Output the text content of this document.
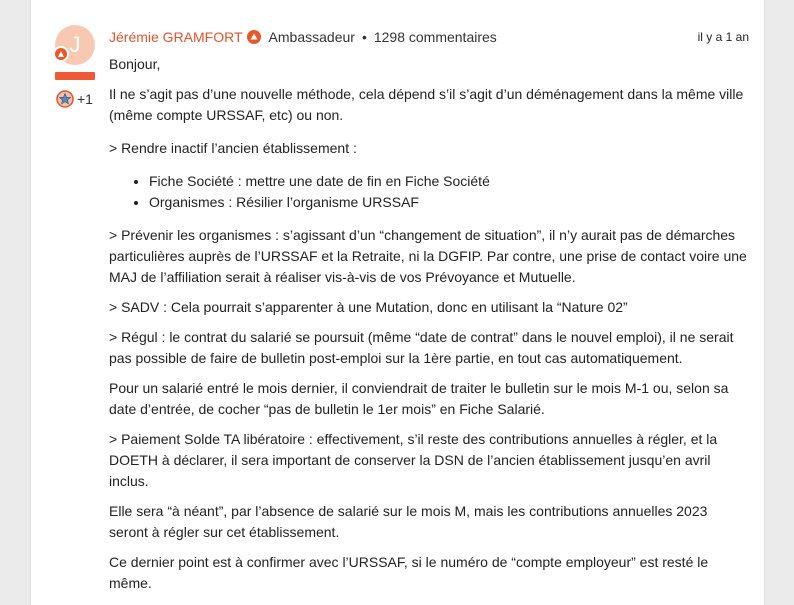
J
+1
Jérémie GRAMFORT Ambassadeur • 1298 commentaires	il y a 1 an

Bonjour,

Il ne s’agit pas d’une nouvelle méthode, cela dépend s’il s’agit d’un déménagement dans la même ville (même compte URSSAF, etc) ou non.

> Rendre inactif l’ancien établissement :

• Fiche Société : mettre une date de fin en Fiche Société
• Organismes : Résilier l’organisme URSSAF

> Prévenir les organismes : s’agissant d’un “changement de situation”, il n’y aurait pas de démarches particulières auprès de l’URSSAF et la Retraite, ni la DGFIP. Par contre, une prise de contact voire une MAJ de l’affiliation serait à réaliser vis-à-vis de vos Prévoyance et Mutuelle.

> SADV : Cela pourrait s’apparenter à une Mutation, donc en utilisant la “Nature 02”

> Régul : le contrat du salarié se poursuit (même “date de contrat” dans le nouvel emploi), il ne serait pas possible de faire de bulletin post-emploi sur la 1ère partie, en tout cas automatiquement.

Pour un salarié entré le mois dernier, il conviendrait de traiter le bulletin sur le mois M-1 ou, selon sa date d’entrée, de cocher “pas de bulletin le 1er mois” en Fiche Salarié.

> Paiement Solde TA libératoire : effectivement, s’il reste des contributions annuelles à régler, et la DOETH à déclarer, il sera important de conserver la DSN de l’ancien établissement jusqu’en avril inclus.

Elle sera “à néant”, par l’absence de salarié sur le mois M, mais les contributions annuelles 2023 seront à régler sur cet établissement.

Ce dernier point est à confirmer avec l’URSSAF, si le numéro de “compte employeur” est resté le même.
